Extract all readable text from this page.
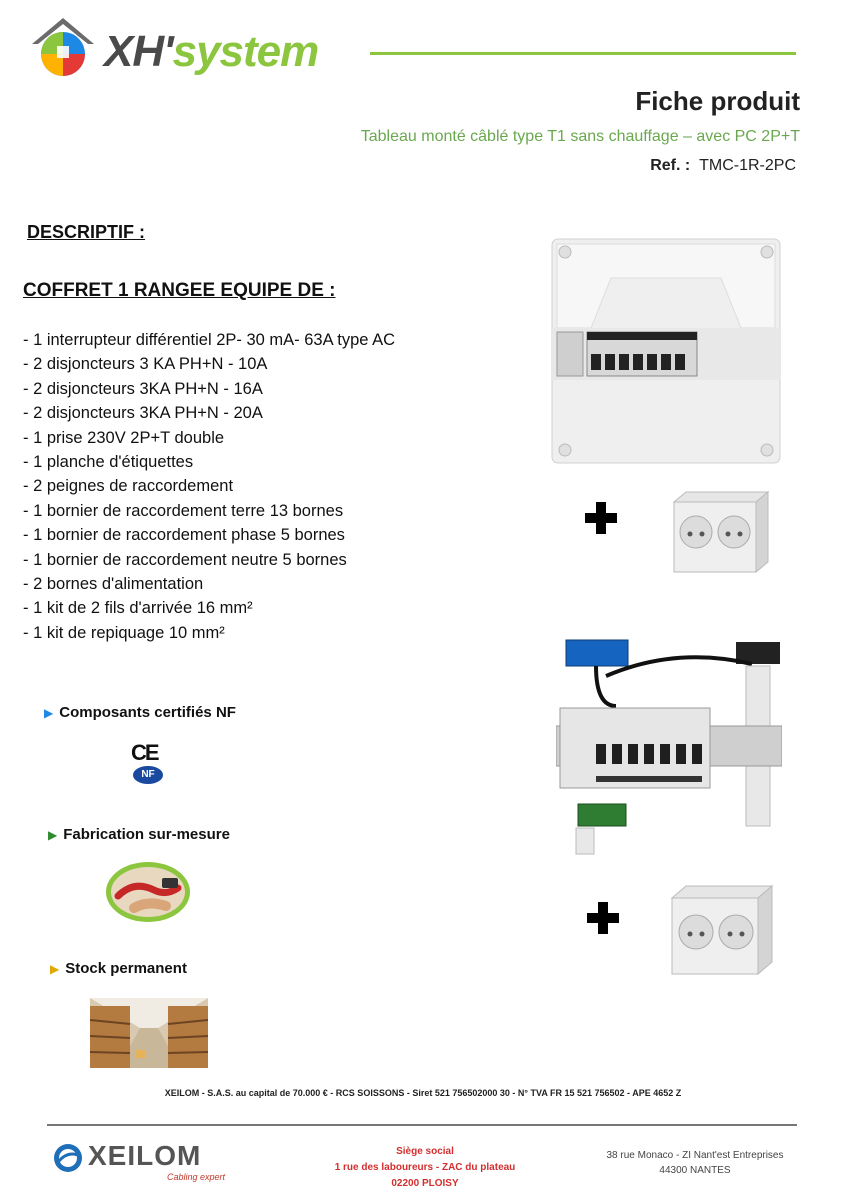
XH'system
Fiche produit
Tableau monté câblé type T1 sans chauffage – avec PC 2P+T
Ref. : TMC-1R-2PC
DESCRIPTIF :
COFFRET 1 RANGEE EQUIPE DE :
- 1 interrupteur différentiel 2P- 30 mA- 63A type AC
- 2 disjoncteurs 3 KA PH+N - 10A
- 2 disjoncteurs 3KA PH+N - 16A
- 2 disjoncteurs 3KA PH+N - 20A
- 1 prise 230V 2P+T double
- 1 planche d'étiquettes
- 2 peignes de raccordement
- 1 bornier de raccordement terre 13 bornes
- 1 bornier de raccordement phase 5 bornes
- 1 bornier de raccordement neutre 5 bornes
- 2 bornes d'alimentation
- 1 kit de 2 fils d'arrivée 16 mm²
- 1 kit de repiquage 10 mm²
▶ Composants certifiés NF
CE
NF
▶ Fabrication sur-mesure
▶ Stock permanent
XEILOM - S.A.S. au capital de 70.000 € - RCS SOISSONS - Siret 521 756502000 30 - N° TVA FR 15 521 756502 - APE 4652 Z
XEILOM
Cabling expert
Siège social
1 rue des laboureurs - ZAC du plateau
02200 PLOISY
38 rue Monaco - ZI Nant'est Entreprises
44300 NANTES
